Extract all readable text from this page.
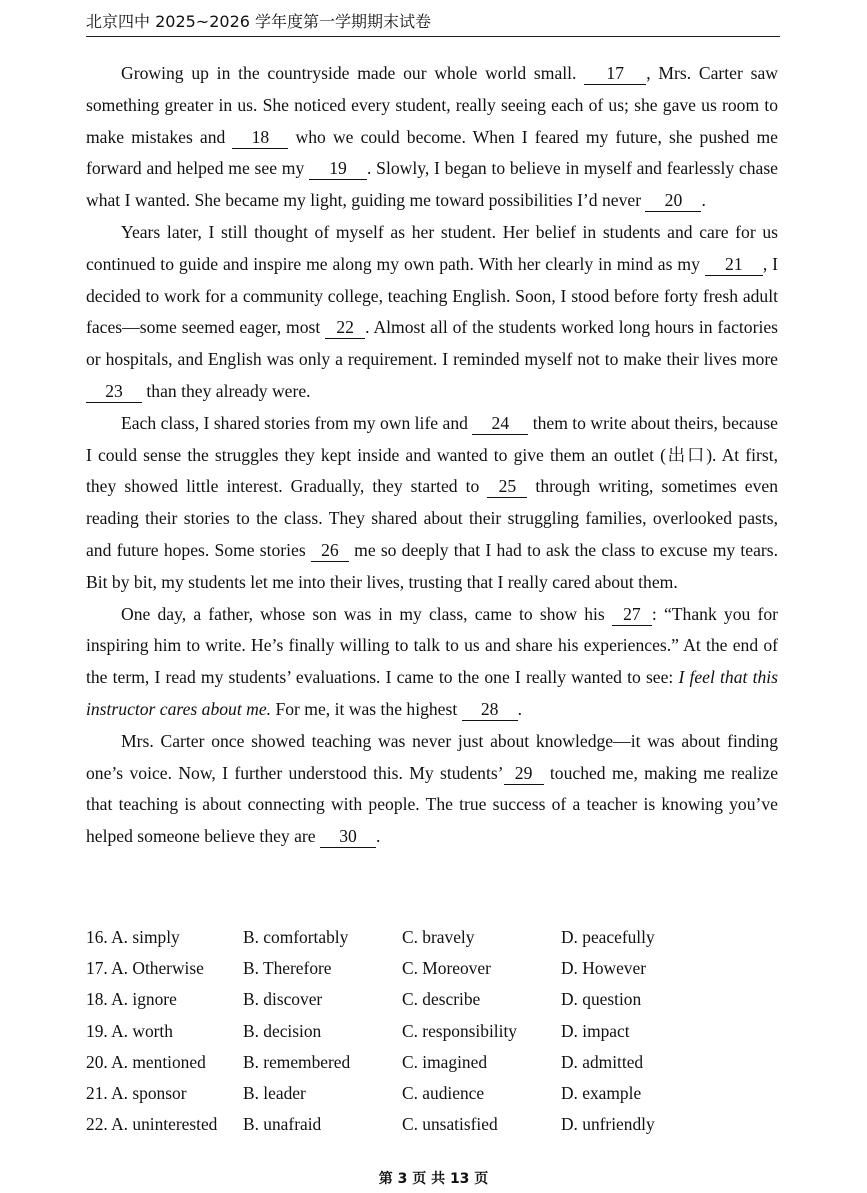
北京四中 2025~2026 学年度第一学期期末试卷

Growing up in the countryside made our whole world small. 17 , Mrs. Carter saw something greater in us. She noticed every student, really seeing each of us; she gave us room to make mistakes and 18 who we could become. When I feared my future, she pushed me forward and helped me see my 19 . Slowly, I began to believe in myself and fearlessly chase what I wanted. She became my light, guiding me toward possibilities I’d never 20 .

Years later, I still thought of myself as her student. Her belief in students and care for us continued to guide and inspire me along my own path. With her clearly in mind as my 21 , I decided to work for a community college, teaching English. Soon, I stood before forty fresh adult faces—some seemed eager, most 22 . Almost all of the students worked long hours in factories or hospitals, and English was only a requirement. I reminded myself not to make their lives more 23 than they already were.

Each class, I shared stories from my own life and 24 them to write about theirs, because I could sense the struggles they kept inside and wanted to give them an outlet (出口). At first, they showed little interest. Gradually, they started to 25 through writing, sometimes even reading their stories to the class. They shared about their struggling families, overlooked pasts, and future hopes. Some stories 26 me so deeply that I had to ask the class to excuse my tears. Bit by bit, my students let me into their lives, trusting that I really cared about them.

One day, a father, whose son was in my class, came to show his 27 : “Thank you for inspiring him to write. He’s finally willing to talk to us and share his experiences.” At the end of the term, I read my students’ evaluations. I came to the one I really wanted to see: I feel that this instructor cares about me. For me, it was the highest 28 .

Mrs. Carter once showed teaching was never just about knowledge—it was about finding one’s voice. Now, I further understood this. My students’ 29 touched me, making me realize that teaching is about connecting with people. The true success of a teacher is knowing you’ve helped someone believe they are 30 .

16. A. simply	B. comfortably	C. bravely	D. peacefully
17. A. Otherwise	B. Therefore	C. Moreover	D. However
18. A. ignore	B. discover	C. describe	D. question
19. A. worth	B. decision	C. responsibility	D. impact
20. A. mentioned	B. remembered	C. imagined	D. admitted
21. A. sponsor	B. leader	C. audience	D. example
22. A. uninterested	B. unafraid	C. unsatisfied	D. unfriendly
第 3 页 共 13 页
